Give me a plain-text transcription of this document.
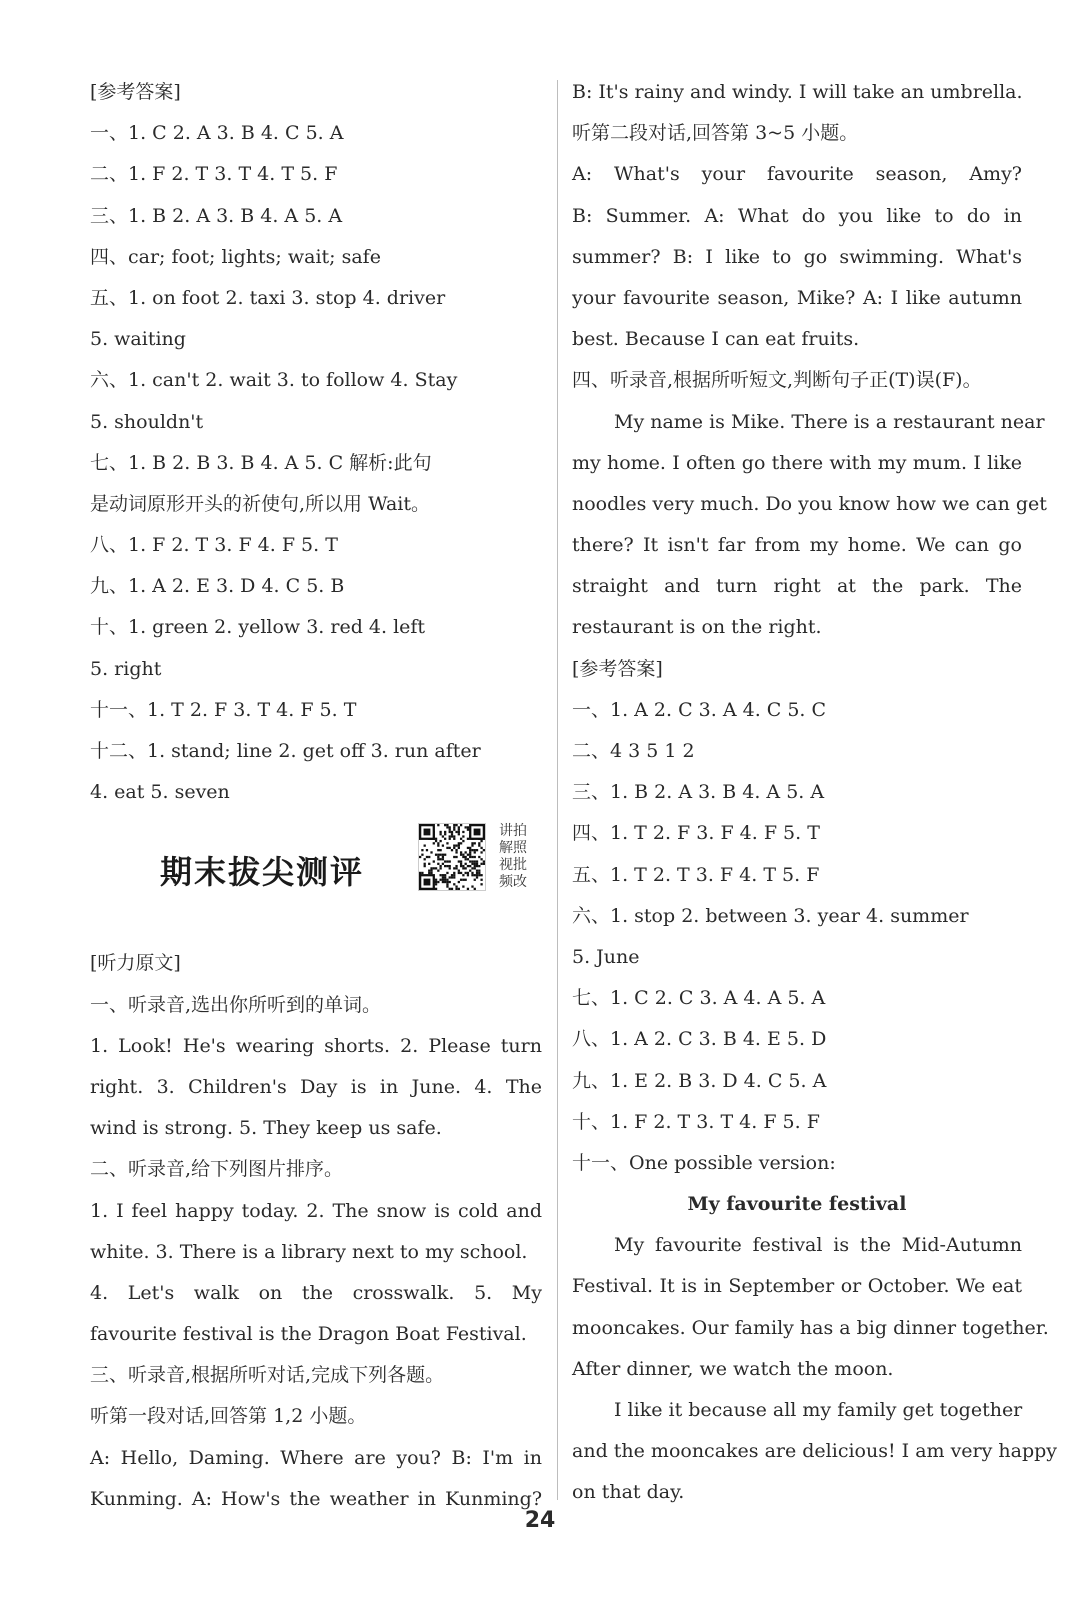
[参考答案]
一、1. C 2. A 3. B 4. C 5. A
二、1. F 2. T 3. T 4. T 5. F
三、1. B 2. A 3. B 4. A 5. A
四、car; foot; lights; wait; safe
五、1. on foot 2. taxi 3. stop 4. driver
5. waiting
六、1. can't 2. wait 3. to follow 4. Stay
5. shouldn't
七、1. B 2. B 3. B 4. A 5. C 解析:此句
是动词原形开头的祈使句,所以用 Wait。
八、1. F 2. T 3. F 4. F 5. T
九、1. A 2. E 3. D 4. C 5. B
十、1. green 2. yellow 3. red 4. left
5. right
十一、1. T 2. F 3. T 4. F 5. T
十二、1. stand; line 2. get off 3. run after
4. eat 5. seven
期末拔尖测评
讲拍 解照 视批 频改
[听力原文]
一、听录音,选出你所听到的单词。
1. Look! He's wearing shorts. 2. Please turn
right. 3. Children's Day is in June. 4. The
wind is strong. 5. They keep us safe.
二、听录音,给下列图片排序。
1. I feel happy today. 2. The snow is cold and
white. 3. There is a library next to my school.
4. Let's walk on the crosswalk. 5. My
favourite festival is the Dragon Boat Festival.
三、听录音,根据所听对话,完成下列各题。
听第一段对话,回答第 1,2 小题。
A: Hello, Daming. Where are you? B: I'm in
Kunming. A: How's the weather in Kunming?
B: It's rainy and windy. I will take an umbrella.
听第二段对话,回答第 3~5 小题。
A: What's your favourite season, Amy?
B: Summer. A: What do you like to do in
summer? B: I like to go swimming. What's
your favourite season, Mike? A: I like autumn
best. Because I can eat fruits.
四、听录音,根据所听短文,判断句子正(T)误(F)。
My name is Mike. There is a restaurant near
my home. I often go there with my mum. I like
noodles very much. Do you know how we can get
there? It isn't far from my home. We can go
straight and turn right at the park. The
restaurant is on the right.
[参考答案]
一、1. A 2. C 3. A 4. C 5. C
二、4 3 5 1 2
三、1. B 2. A 3. B 4. A 5. A
四、1. T 2. F 3. F 4. F 5. T
五、1. T 2. T 3. F 4. T 5. F
六、1. stop 2. between 3. year 4. summer
5. June
七、1. C 2. C 3. A 4. A 5. A
八、1. A 2. C 3. B 4. E 5. D
九、1. E 2. B 3. D 4. C 5. A
十、1. F 2. T 3. T 4. F 5. F
十一、One possible version:
My favourite festival
My favourite festival is the Mid-Autumn
Festival. It is in September or October. We eat
mooncakes. Our family has a big dinner together.
After dinner, we watch the moon.
I like it because all my family get together
and the mooncakes are delicious! I am very happy
on that day.
24
